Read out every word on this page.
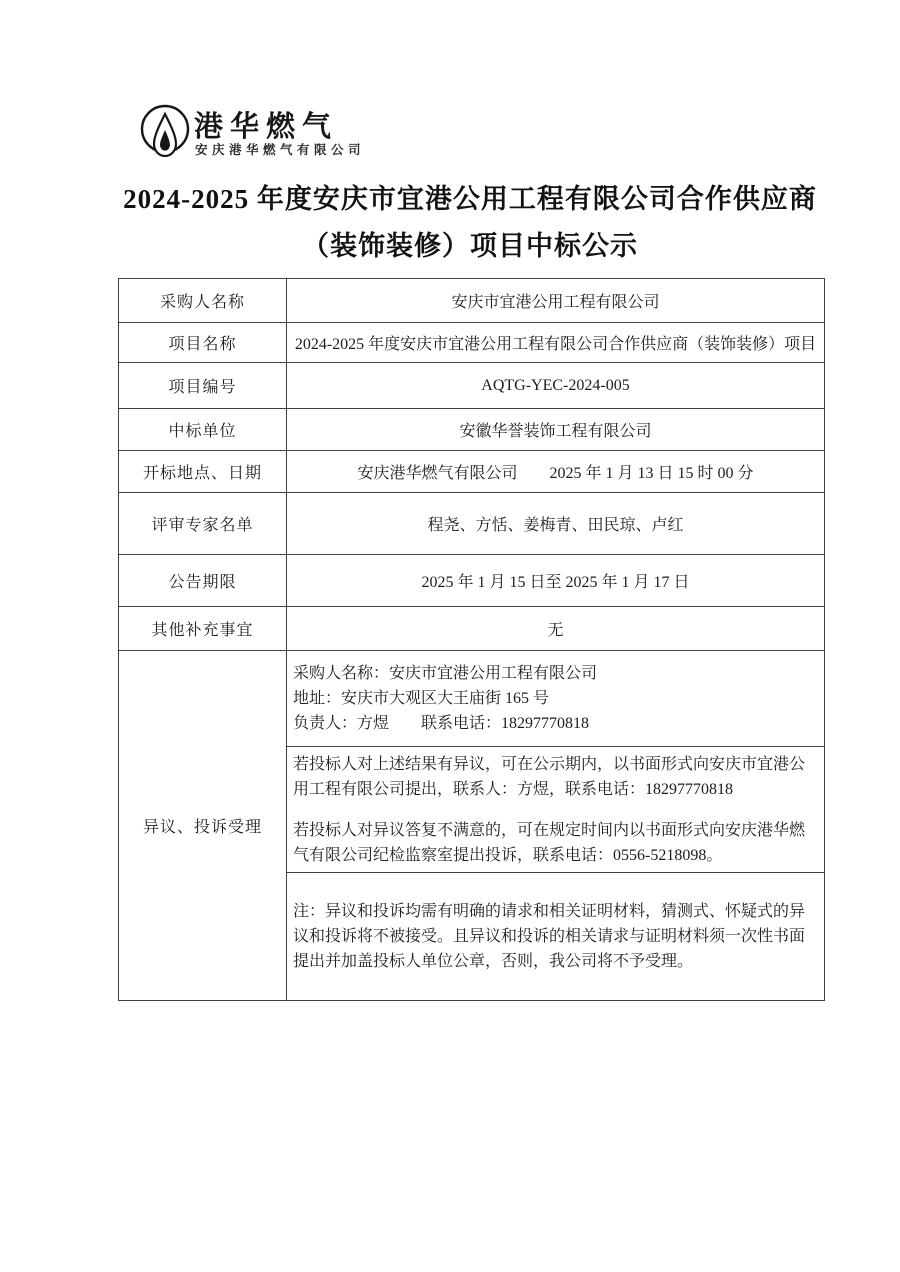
港华燃气
安庆港华燃气有限公司
2024-2025 年度安庆市宜港公用工程有限公司合作供应商
（装饰装修）项目中标公示
采购人名称	安庆市宜港公用工程有限公司
项目名称	2024-2025 年度安庆市宜港公用工程有限公司合作供应商（装饰装修）项目
项目编号	AQTG-YEC-2024-005
中标单位	安徽华誉装饰工程有限公司
开标地点、日期	安庆港华燃气有限公司　　2025 年 1 月 13 日 15 时 00 分
评审专家名单	程尧、方恬、姜梅青、田民琼、卢红
公告期限	2025 年 1 月 15 日至 2025 年 1 月 17 日
其他补充事宜	无
异议、投诉受理	采购人名称：安庆市宜港公用工程有限公司
地址：安庆市大观区大王庙街 165 号
负责人：方煜　　联系电话：18297770818

	若投标人对上述结果有异议，可在公示期内，以书面形式向安庆市宜港公用工程有限公司提出，联系人：方煜，联系电话：18297770818
若投标人对异议答复不满意的，可在规定时间内以书面形式向安庆港华燃气有限公司纪检监察室提出投诉，联系电话：0556-5218098。

	注：异议和投诉均需有明确的请求和相关证明材料，猜测式、怀疑式的异议和投诉将不被接受。且异议和投诉的相关请求与证明材料须一次性书面提出并加盖投标人单位公章，否则，我公司将不予受理。
